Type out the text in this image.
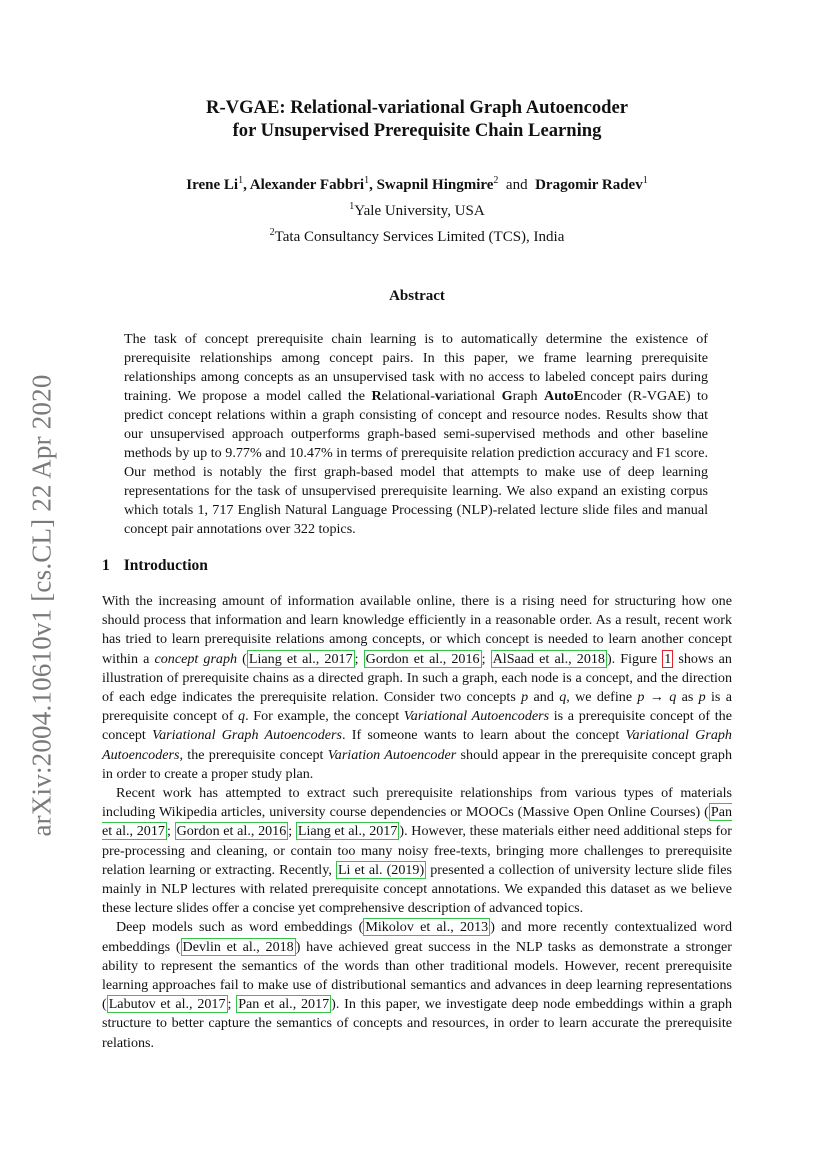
arXiv:2004.10610v1 [cs.CL] 22 Apr 2020
R-VGAE: Relational-variational Graph Autoencoder
for Unsupervised Prerequisite Chain Learning
Irene Li$^1$, Alexander Fabbri$^1$, Swapnil Hingmire$^2$ and Dragomir Radev$^1$
$^1$Yale University, USA
$^2$Tata Consultancy Services Limited (TCS), India
Abstract
The task of concept prerequisite chain learning is to automatically determine the existence of prerequisite relationships among concept pairs. In this paper, we frame learning prerequisite relationships among concepts as an unsupervised task with no access to labeled concept pairs during training. We propose a model called the Relational-variational Graph AutoEncoder (R-VGAE) to predict concept relations within a graph consisting of concept and resource nodes. Results show that our unsupervised approach outperforms graph-based semi-supervised methods and other baseline methods by up to 9.77% and 10.47% in terms of prerequisite relation prediction accuracy and F1 score. Our method is notably the first graph-based model that attempts to make use of deep learning representations for the task of unsupervised prerequisite learning. We also expand an existing corpus which totals 1, 717 English Natural Language Processing (NLP)-related lecture slide files and manual concept pair annotations over 322 topics.
1 Introduction

With the increasing amount of information available online, there is a rising need for structuring how one should process that information and learn knowledge efficiently in a reasonable order. As a result, recent work has tried to learn prerequisite relations among concepts, or which concept is needed to learn another concept within a concept graph ( Liang et al., 2017 ; Gordon et al., 2016 ; AlSaad et al., 2018 ). Figure 1 shows an illustration of prerequisite chains as a directed graph. In such a graph, each node is a concept, and the direction of each edge indicates the prerequisite relation. Consider two concepts p and q, we define p → q as p is a prerequisite concept of q. For example, the concept Variational Autoencoders is a prerequisite concept of the concept Variational Graph Autoencoders. If someone wants to learn about the concept Variational Graph Autoencoders, the prerequisite concept Variation Autoencoder should appear in the prerequisite concept graph in order to create a proper study plan.

Recent work has attempted to extract such prerequisite relationships from various types of materials including Wikipedia articles, university course dependencies or MOOCs (Massive Open Online Courses) ( Pan et al., 2017 ; Gordon et al., 2016 ; Liang et al., 2017 ). However, these materials either need additional steps for pre-processing and cleaning, or contain too many noisy free-texts, bringing more challenges to prerequisite relation learning or extracting. Recently, Li et al. (2019) presented a collection of university lecture slide files mainly in NLP lectures with related prerequisite concept annotations. We expanded this dataset as we believe these lecture slides offer a concise yet comprehensive description of advanced topics.

Deep models such as word embeddings ( Mikolov et al., 2013 ) and more recently contextualized word embeddings ( Devlin et al., 2018 ) have achieved great success in the NLP tasks as demonstrate a stronger ability to represent the semantics of the words than other traditional models. However, recent prerequisite learning approaches fail to make use of distributional semantics and advances in deep learning representations ( Labutov et al., 2017 ; Pan et al., 2017 ). In this paper, we investigate deep node embeddings within a graph structure to better capture the semantics of concepts and resources, in order to learn accurate the prerequisite relations.
